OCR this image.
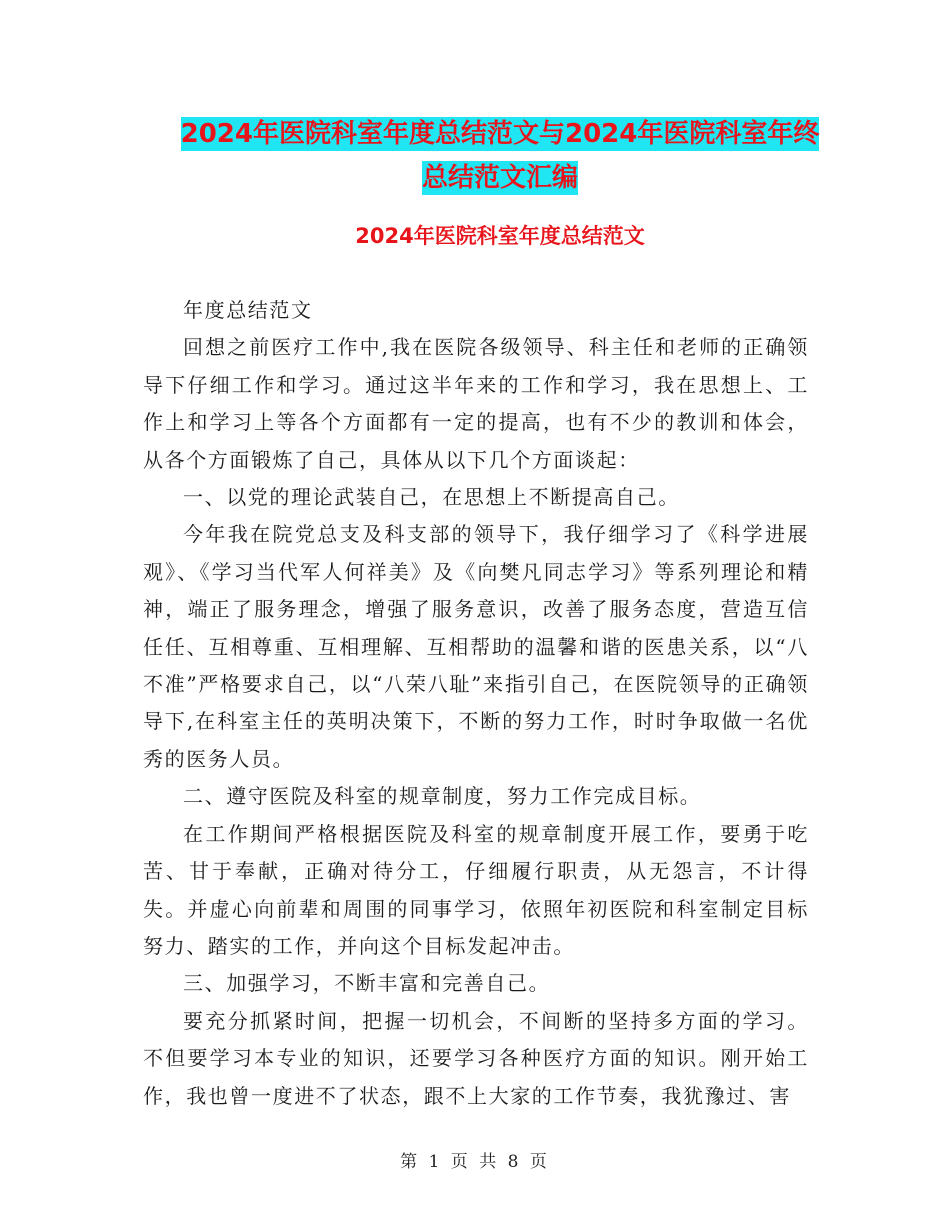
2024年医院科室年度总结范文与2024年医院科室年终
总结范文汇编
2024年医院科室年度总结范文

年度总结范文

回想之前医疗工作中,我在医院各级领导、科主任和老师的正确领导下仔细工作和学习。通过这半年来的工作和学习，我在思想上、工作上和学习上等各个方面都有一定的提高，也有不少的教训和体会，从各个方面锻炼了自己，具体从以下几个方面谈起：

一、以党的理论武装自己，在思想上不断提高自己。

今年我在院党总支及科支部的领导下，我仔细学习了《科学进展观》、《学习当代军人何祥美》及《向樊凡同志学习》等系列理论和精神，端正了服务理念，增强了服务意识，改善了服务态度，营造互信任任、互相尊重、互相理解、互相帮助的温馨和谐的医患关系，以“八不准”严格要求自己，以“八荣八耻”来指引自己，在医院领导的正确领导下,在科室主任的英明决策下，不断的努力工作，时时争取做一名优秀的医务人员。

二、遵守医院及科室的规章制度，努力工作完成目标。

在工作期间严格根据医院及科室的规章制度开展工作，要勇于吃苦、甘于奉献，正确对待分工，仔细履行职责，从无怨言，不计得失。并虚心向前辈和周围的同事学习，依照年初医院和科室制定目标努力、踏实的工作，并向这个目标发起冲击。

三、加强学习，不断丰富和完善自己。

要充分抓紧时间，把握一切机会，不间断的坚持多方面的学习。不但要学习本专业的知识，还要学习各种医疗方面的知识。刚开始工作，我也曾一度进不了状态，跟不上大家的工作节奏，我犹豫过、害

第 1 页 共 8 页
